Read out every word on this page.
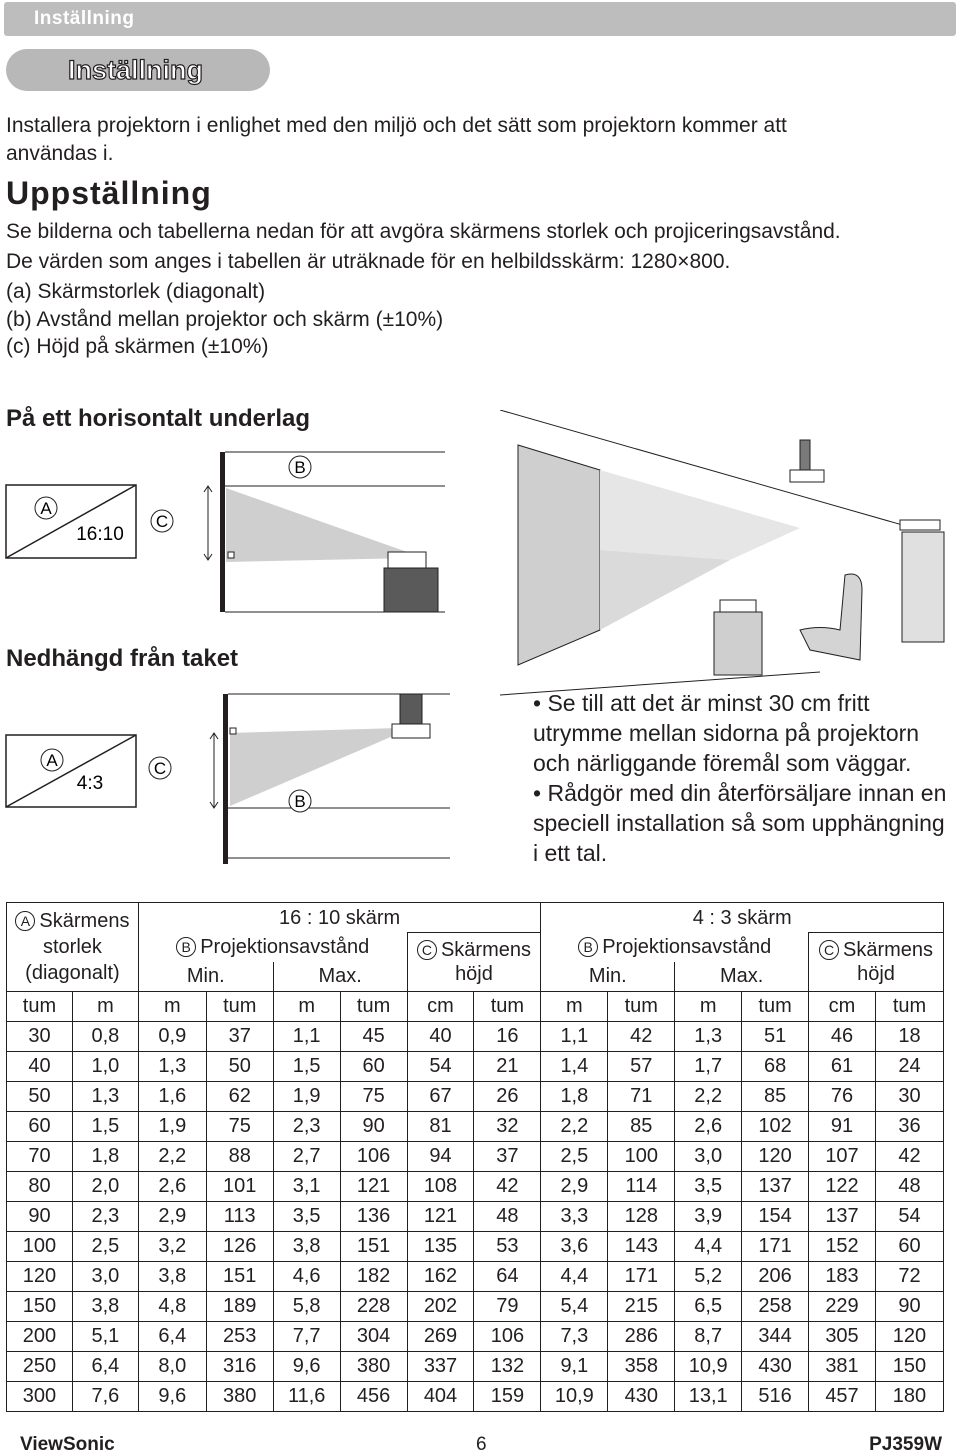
Inställning
Inställning
Installera projektorn i enlighet med den miljö och det sätt som projektorn kommer att
användas i.
Uppställning
Se bilderna och tabellerna nedan för att avgöra skärmens storlek och projiceringsavstånd.
De värden som anges i tabellen är uträknade för en helbildsskärm: 1280×800.
(a) Skärmstorlek (diagonalt)
(b) Avstånd mellan projektor och skärm (±10%)
(c) Höjd på skärmen (±10%)
På ett horisontalt underlag
A
16:10
C
B
Nedhängd från taket
A
4:3
C
B
• Se till att det är minst 30 cm fritt utrymme mellan sidorna på projektorn och närliggande föremål som väggar.
• Rådgör med din återförsäljare innan en speciell installation så som upphängning i ett tal.
A Skärmens
storlek
(diagonalt)		16 : 10 skärm						4 : 3 skärm					
		B Projektionsavstånd				C Skärmens
höjd		B Projektionsavstånd				C Skärmens
höjd	
		Min.		Max.				Min.		Max.			
tum	m	m	tum	m	tum	cm	tum	m	tum	m	tum	cm	tum
30	0,8	0,9	37	1,1	45	40	16	1,1	42	1,3	51	46	18
40	1,0	1,3	50	1,5	60	54	21	1,4	57	1,7	68	61	24
50	1,3	1,6	62	1,9	75	67	26	1,8	71	2,2	85	76	30
60	1,5	1,9	75	2,3	90	81	32	2,2	85	2,6	102	91	36
70	1,8	2,2	88	2,7	106	94	37	2,5	100	3,0	120	107	42
80	2,0	2,6	101	3,1	121	108	42	2,9	114	3,5	137	122	48
90	2,3	2,9	113	3,5	136	121	48	3,3	128	3,9	154	137	54
100	2,5	3,2	126	3,8	151	135	53	3,6	143	4,4	171	152	60
120	3,0	3,8	151	4,6	182	162	64	4,4	171	5,2	206	183	72
150	3,8	4,8	189	5,8	228	202	79	5,4	215	6,5	258	229	90
200	5,1	6,4	253	7,7	304	269	106	7,3	286	8,7	344	305	120
250	6,4	8,0	316	9,6	380	337	132	9,1	358	10,9	430	381	150
300	7,6	9,6	380	11,6	456	404	159	10,9	430	13,1	516	457	180
ViewSonic	6	PJ359W
